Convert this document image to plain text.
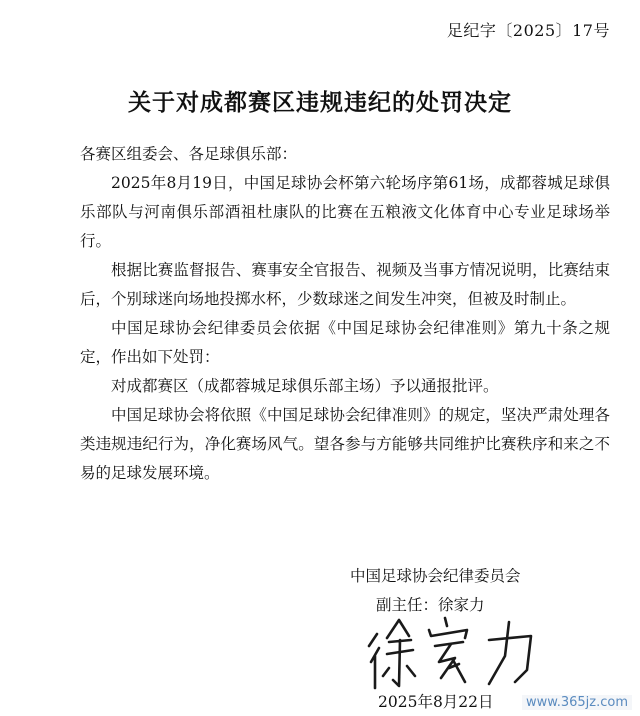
足纪字〔2025〕17号
关于对成都赛区违规违纪的处罚决定

各赛区组委会、各足球俱乐部：

2025年8月19日，中国足球协会杯第六轮场序第61场，成都蓉城足球俱乐部队与河南俱乐部酒祖杜康队的比赛在五粮液文化体育中心专业足球场举行。

根据比赛监督报告、赛事安全官报告、视频及当事方情况说明，比赛结束后，个别球迷向场地投掷水杯，少数球迷之间发生冲突，但被及时制止。

中国足球协会纪律委员会依据《中国足球协会纪律准则》第九十条之规定，作出如下处罚：

对成都赛区（成都蓉城足球俱乐部主场）予以通报批评。

中国足球协会将依照《中国足球协会纪律准则》的规定，坚决严肃处理各类违规违纪行为，净化赛场风气。望各参与方能够共同维护比赛秩序和来之不易的足球发展环境。

中国足球协会纪律委员会
副主任：徐家力
2025年8月22日	www.365jz.com
